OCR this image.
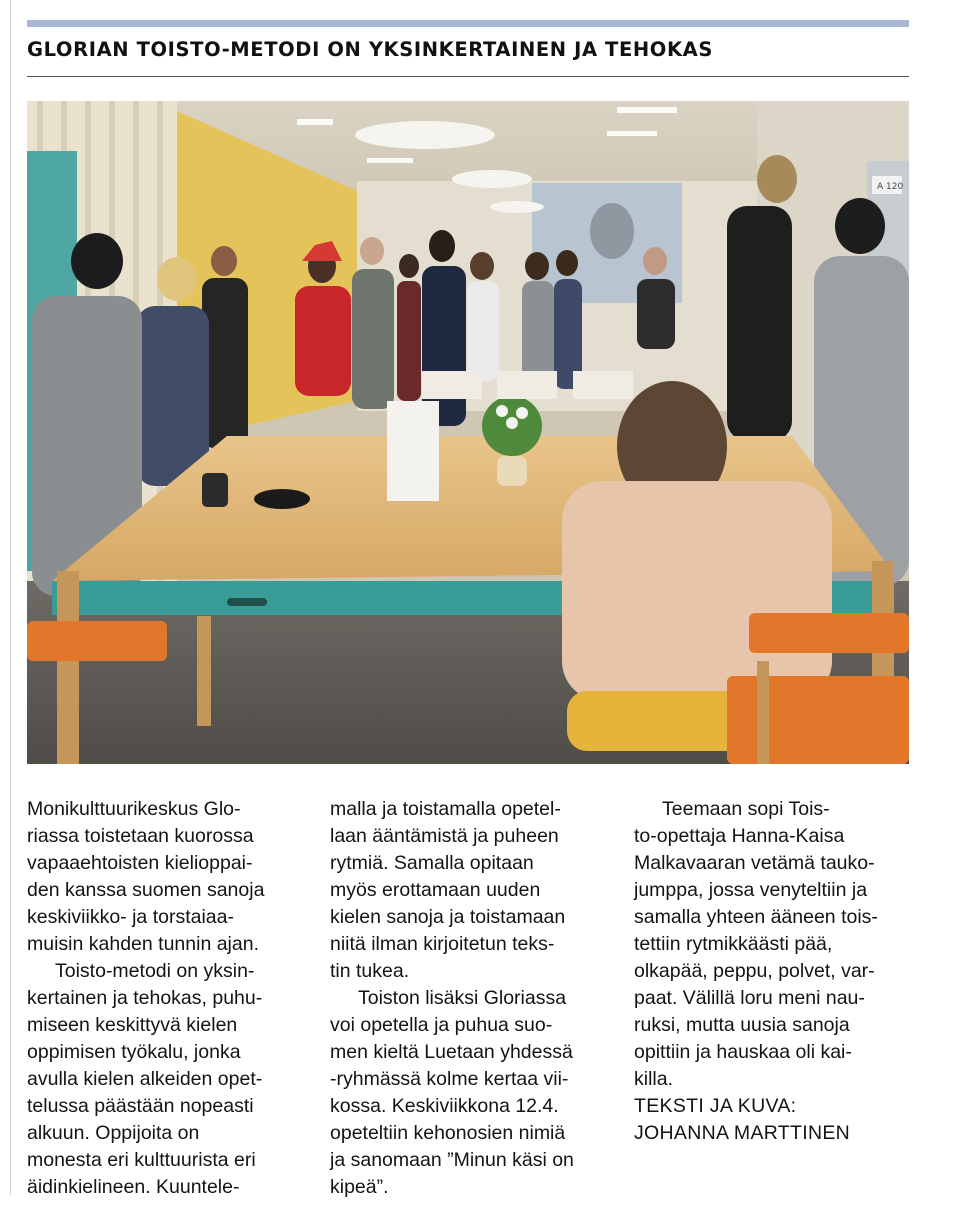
GLORIAN TOISTO-METODI ON YKSINKERTAINEN JA TEHOKAS
A 120

Monikulttuurikeskus Glo-
riassa toistetaan kuorossa
vapaaehtoisten kielioppai-
den kanssa suomen sanoja
keskiviikko- ja torstaiaa-
muisin kahden tunnin ajan.

Toisto-metodi on yksin-
kertainen ja tehokas, puhu-
miseen keskittyvä kielen
oppimisen työkalu, jonka
avulla kielen alkeiden opet-
telussa päästään nopeasti
alkuun. Oppijoita on
monesta eri kulttuurista eri
äidinkielineen. Kuuntele-

malla ja toistamalla opetel-
laan ääntämistä ja puheen
rytmiä. Samalla opitaan
myös erottamaan uuden
kielen sanoja ja toistamaan
niitä ilman kirjoitetun teks-
tin tukea.

Toiston lisäksi Gloriassa
voi opetella ja puhua suo-
men kieltä Luetaan yhdessä
-ryhmässä kolme kertaa vii-
kossa. Keskiviikkona 12.4.
opeteltiin kehonosien nimiä
ja sanomaan ”Minun käsi on
kipeä”.

Teemaan sopi Tois-
to-opettaja Hanna-Kaisa
Malkavaaran vetämä tauko-
jumppa, jossa venyteltiin ja
samalla yhteen ääneen tois-
tettiin rytmikkäästi pää,
olkapää, peppu, polvet, var-
paat. Välillä loru meni nau-
ruksi, mutta uusia sanoja
opittiin ja hauskaa oli kai-
killa.

TEKSTI JA KUVA:
JOHANNA MARTTINEN
